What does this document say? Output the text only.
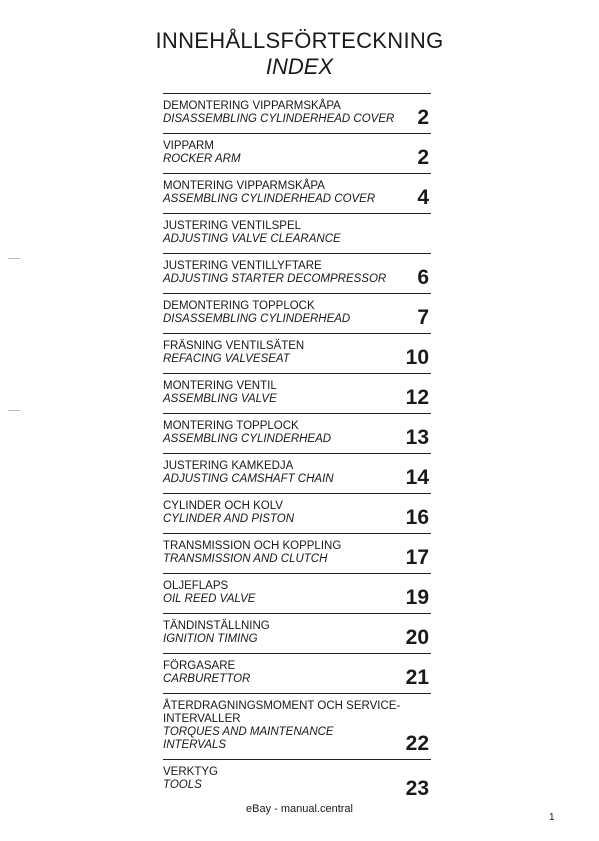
INNEHÅLLSFÖRTECKNING
INDEX
DEMONTERING VIPPARMSKÅPA
DISASSEMBLING CYLINDERHEAD COVER	2
VIPPARM
ROCKER ARM	2
MONTERING VIPPARMSKÅPA
ASSEMBLING CYLINDERHEAD COVER	4
JUSTERING VENTILSPEL
ADJUSTING VALVE CLEARANCE
JUSTERING VENTILLYFTARE
ADJUSTING STARTER DECOMPRESSOR	6
DEMONTERING TOPPLOCK
DISASSEMBLING CYLINDERHEAD	7
FRÄSNING VENTILSÄTEN
REFACING VALVESEAT	10
MONTERING VENTIL
ASSEMBLING VALVE	12
MONTERING TOPPLOCK
ASSEMBLING CYLINDERHEAD	13
JUSTERING KAMKEDJA
ADJUSTING CAMSHAFT CHAIN	14
CYLINDER OCH KOLV
CYLINDER AND PISTON	16
TRANSMISSION OCH KOPPLING
TRANSMISSION AND CLUTCH	17
OLJEFLAPS
OIL REED VALVE	19
TÄNDINSTÄLLNING
IGNITION TIMING	20
FÖRGASARE
CARBURETTOR	21
ÅTERDRAGNINGSMOMENT OCH SERVICE-
INTERVALLER
TORQUES AND MAINTENANCE
INTERVALS	22
VERKTYG
TOOLS	23
eBay - manual.central
1
